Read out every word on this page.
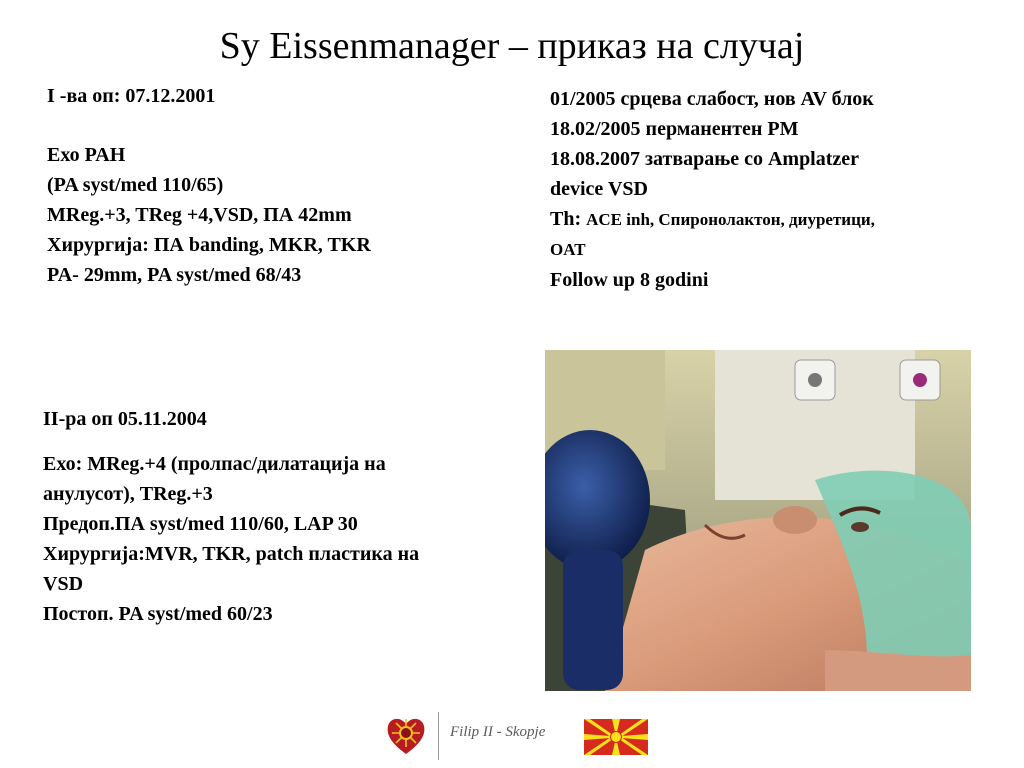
Sy Eissenmanager – приказ на случај
I -ва оп: 07.12.2001
Ехо PAH
(PA syst/med 110/65)
MReg.+3, TReg +4,VSD, ПА 42mm
Хирургија: ПА banding, MKR, TKR
PA- 29mm, PA syst/med 68/43
01/2005 срцева слабост, нов AV блок
18.02/2005 перманентен PM
18.08.2007 затварање со Amplatzer
device VSD
Th: ACE inh, Спиронолактон, диуретици,
OAT
Follow up 8 godini
II-ра оп 05.11.2004
Ехо: MReg.+4 (пролпас/дилатација на
анулусот), TReg.+3
Предоп.ПА syst/med 110/60, LAP 30
Хирургија:MVR, TKR, patch пластика на
VSD
Постоп. PA syst/med 60/23
Filip II - Skopje
